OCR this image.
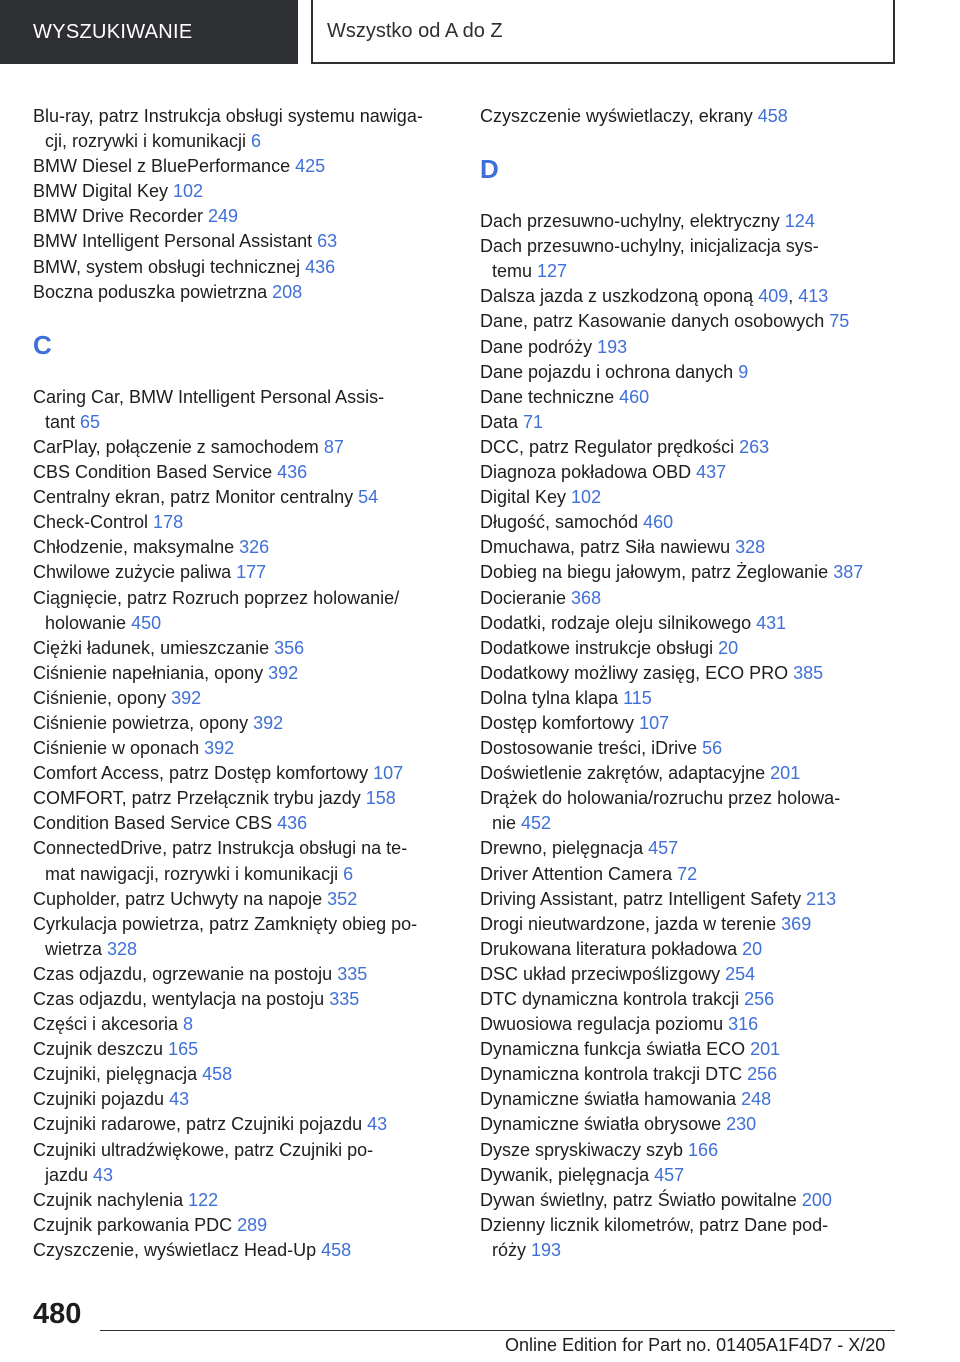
WYSZUKIWANIE	Wszystko od A do Z
Blu-ray, patrz Instrukcja obsługi systemu nawiga-
cji, rozrywki i komunikacji 6
BMW Diesel z BluePerformance 425
BMW Digital Key 102
BMW Drive Recorder 249
BMW Intelligent Personal Assistant 63
BMW, system obsługi technicznej 436
Boczna poduszka powietrzna 208
C
Caring Car, BMW Intelligent Personal Assis-
tant 65
CarPlay, połączenie z samochodem 87
CBS Condition Based Service 436
Centralny ekran, patrz Monitor centralny 54
Check-Control 178
Chłodzenie, maksymalne 326
Chwilowe zużycie paliwa 177
Ciągnięcie, patrz Rozruch poprzez holowanie/
holowanie 450
Ciężki ładunek, umieszczanie 356
Ciśnienie napełniania, opony 392
Ciśnienie, opony 392
Ciśnienie powietrza, opony 392
Ciśnienie w oponach 392
Comfort Access, patrz Dostęp komfortowy 107
COMFORT, patrz Przełącznik trybu jazdy 158
Condition Based Service CBS 436
ConnectedDrive, patrz Instrukcja obsługi na te-
mat nawigacji, rozrywki i komunikacji 6
Cupholder, patrz Uchwyty na napoje 352
Cyrkulacja powietrza, patrz Zamknięty obieg po-
wietrza 328
Czas odjazdu, ogrzewanie na postoju 335
Czas odjazdu, wentylacja na postoju 335
Części i akcesoria 8
Czujnik deszczu 165
Czujniki, pielęgnacja 458
Czujniki pojazdu 43
Czujniki radarowe, patrz Czujniki pojazdu 43
Czujniki ultradźwiękowe, patrz Czujniki po-
jazdu 43
Czujnik nachylenia 122
Czujnik parkowania PDC 289
Czyszczenie, wyświetlacz Head-Up 458
Czyszczenie wyświetlaczy, ekrany 458
D
Dach przesuwno-uchylny, elektryczny 124
Dach przesuwno-uchylny, inicjalizacja sys-
temu 127
Dalsza jazda z uszkodzoną oponą 409, 413
Dane, patrz Kasowanie danych osobowych 75
Dane podróży 193
Dane pojazdu i ochrona danych 9
Dane techniczne 460
Data 71
DCC, patrz Regulator prędkości 263
Diagnoza pokładowa OBD 437
Digital Key 102
Długość, samochód 460
Dmuchawa, patrz Siła nawiewu 328
Dobieg na biegu jałowym, patrz Żeglowanie 387
Docieranie 368
Dodatki, rodzaje oleju silnikowego 431
Dodatkowe instrukcje obsługi 20
Dodatkowy możliwy zasięg, ECO PRO 385
Dolna tylna klapa 115
Dostęp komfortowy 107
Dostosowanie treści, iDrive 56
Doświetlenie zakrętów, adaptacyjne 201
Drążek do holowania/rozruchu przez holowa-
nie 452
Drewno, pielęgnacja 457
Driver Attention Camera 72
Driving Assistant, patrz Intelligent Safety 213
Drogi nieutwardzone, jazda w terenie 369
Drukowana literatura pokładowa 20
DSC układ przeciwpoślizgowy 254
DTC dynamiczna kontrola trakcji 256
Dwuosiowa regulacja poziomu 316
Dynamiczna funkcja światła ECO 201
Dynamiczna kontrola trakcji DTC 256
Dynamiczne światła hamowania 248
Dynamiczne światła obrysowe 230
Dysze spryskiwaczy szyb 166
Dywanik, pielęgnacja 457
Dywan świetlny, patrz Światło powitalne 200
Dzienny licznik kilometrów, patrz Dane pod-
róży 193
480
Online Edition for Part no. 01405A1F4D7 - X/20
